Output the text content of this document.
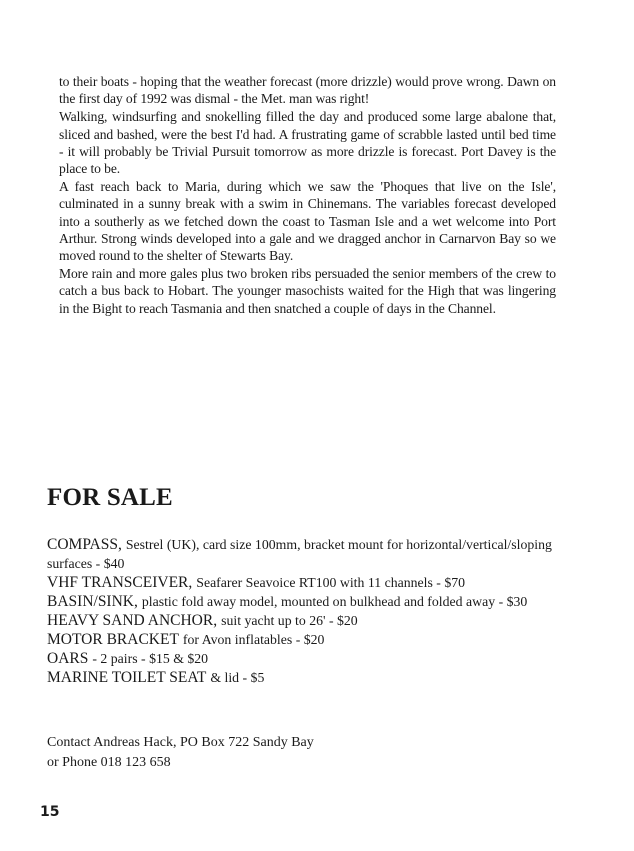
to their boats - hoping that the weather forecast (more drizzle) would prove wrong. Dawn on the first day of 1992 was dismal - the Met. man was right!

Walking, windsurfing and snokelling filled the day and produced some large abalone that, sliced and bashed, were the best I'd had. A frustrating game of scrabble lasted until bed time - it will probably be Trivial Pursuit tomorrow as more drizzle is forecast. Port Davey is the place to be.

A fast reach back to Maria, during which we saw the 'Phoques that live on the Isle', culminated in a sunny break with a swim in Chinemans. The variables forecast developed into a southerly as we fetched down the coast to Tasman Isle and a wet welcome into Port Arthur. Strong winds developed into a gale and we dragged anchor in Carnarvon Bay so we moved round to the shelter of Stewarts Bay.

More rain and more gales plus two broken ribs persuaded the senior members of the crew to catch a bus back to Hobart. The younger masochists waited for the High that was lingering in the Bight to reach Tasmania and then snatched a couple of days in the Channel.

FOR SALE
COMPASS, Sestrel (UK), card size 100mm, bracket mount for horizontal/vertical/sloping surfaces - $40
VHF TRANSCEIVER, Seafarer Seavoice RT100 with 11 channels - $70
BASIN/SINK, plastic fold away model, mounted on bulkhead and folded away - $30
HEAVY SAND ANCHOR, suit yacht up to 26' - $20
MOTOR BRACKET for Avon inflatables - $20
OARS - 2 pairs - $15 & $20
MARINE TOILET SEAT & lid - $5

Contact Andreas Hack, PO Box 722 Sandy Bay

or Phone 018 123 658

15
